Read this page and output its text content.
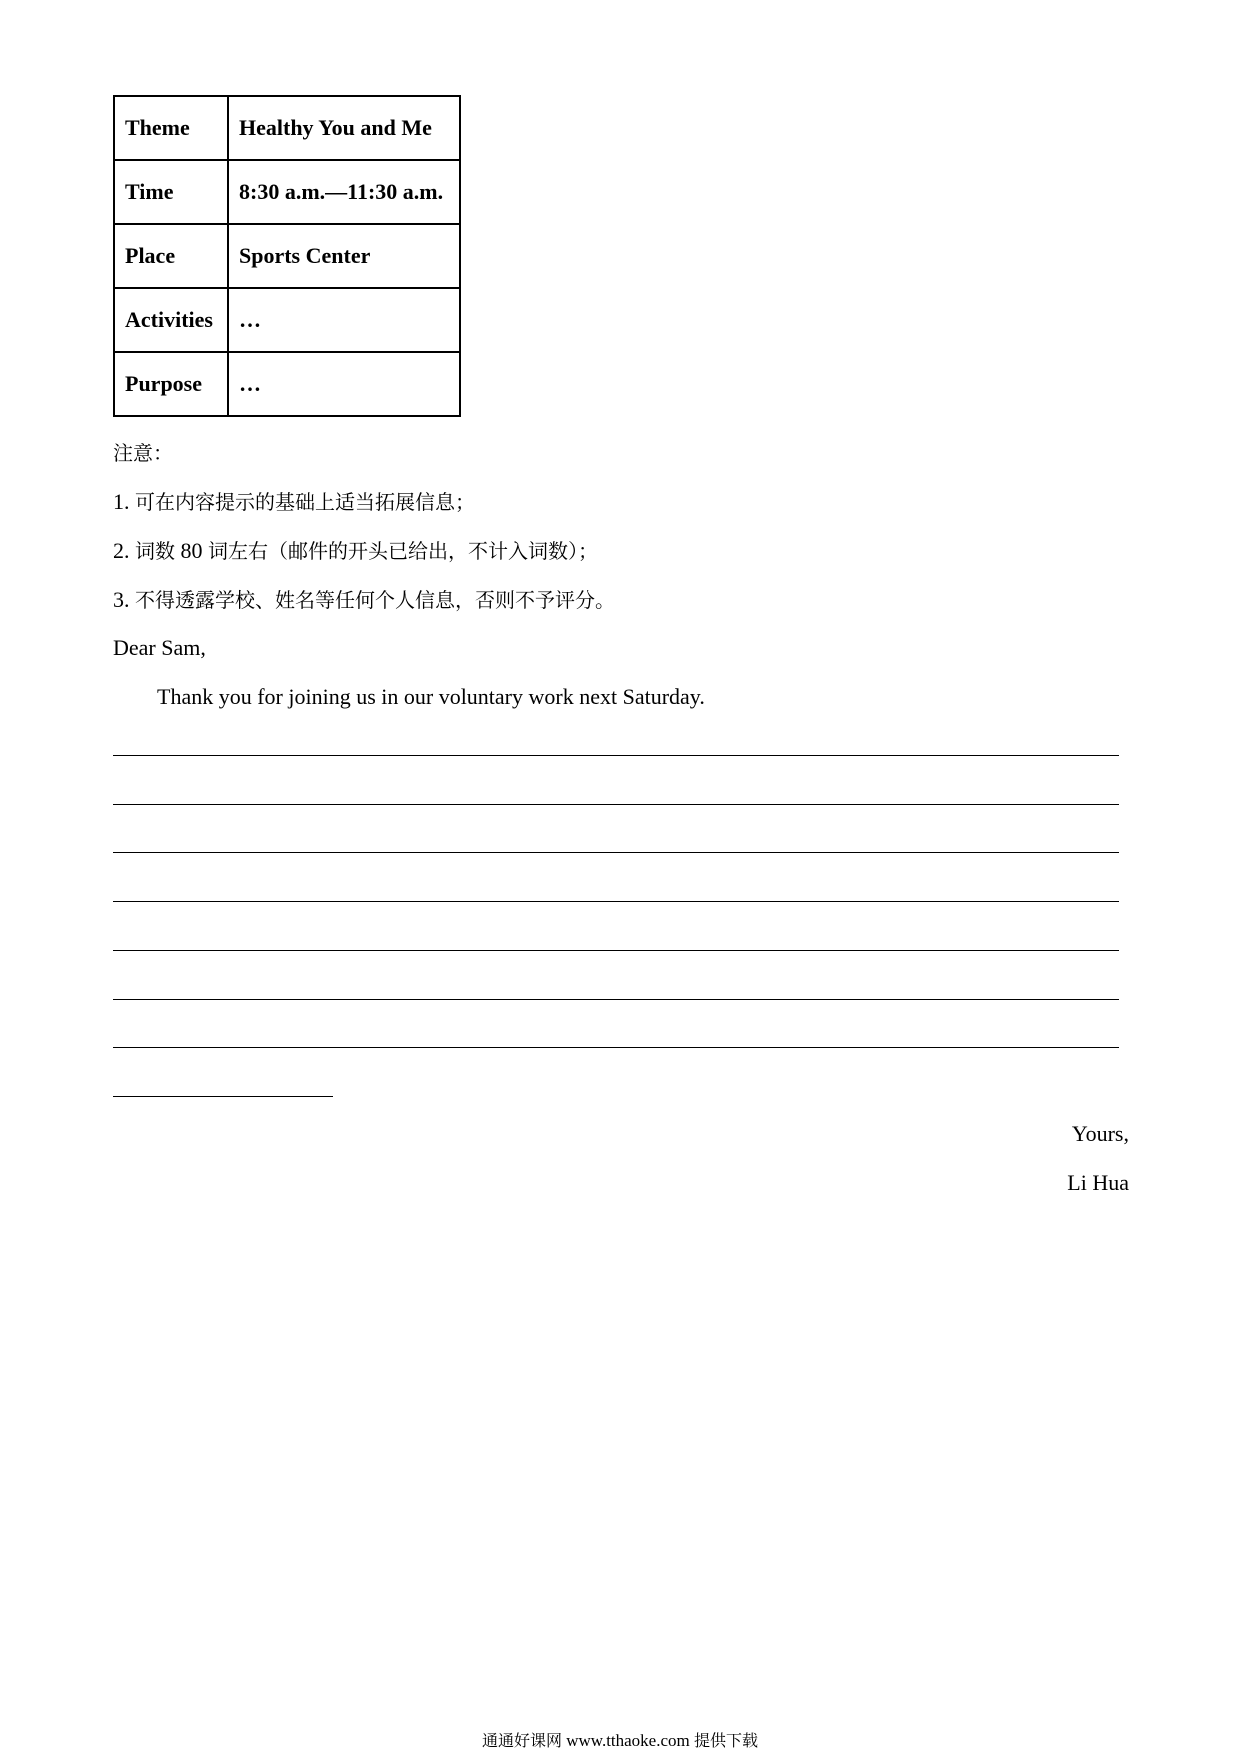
Theme	Healthy You and Me
Time	8:30 a.m.—11:30 a.m.
Place	Sports Center
Activities	…
Purpose	…
注意：
1. 可在内容提示的基础上适当拓展信息；
2. 词数 80 词左右（邮件的开头已给出，不计入词数）；
3. 不得透露学校、姓名等任何个人信息，否则不予评分。
Dear Sam,
Thank you for joining us in our voluntary work next Saturday.
Yours,
Li Hua
通通好课网 www.tthaoke.com 提供下载
